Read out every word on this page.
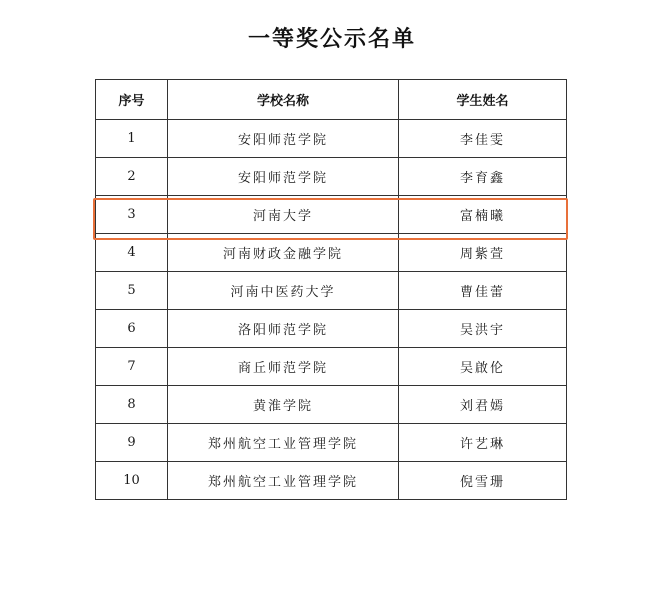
一等奖公示名单
序号	学校名称	学生姓名
1	安阳师范学院	李佳雯
2	安阳师范学院	李育鑫
3	河南大学	富楠曦
4	河南财政金融学院	周紫萱
5	河南中医药大学	曹佳蕾
6	洛阳师范学院	吴洪宇
7	商丘师范学院	吴啟伦
8	黄淮学院	刘君嫣
9	郑州航空工业管理学院	许艺琳
10	郑州航空工业管理学院	倪雪珊
